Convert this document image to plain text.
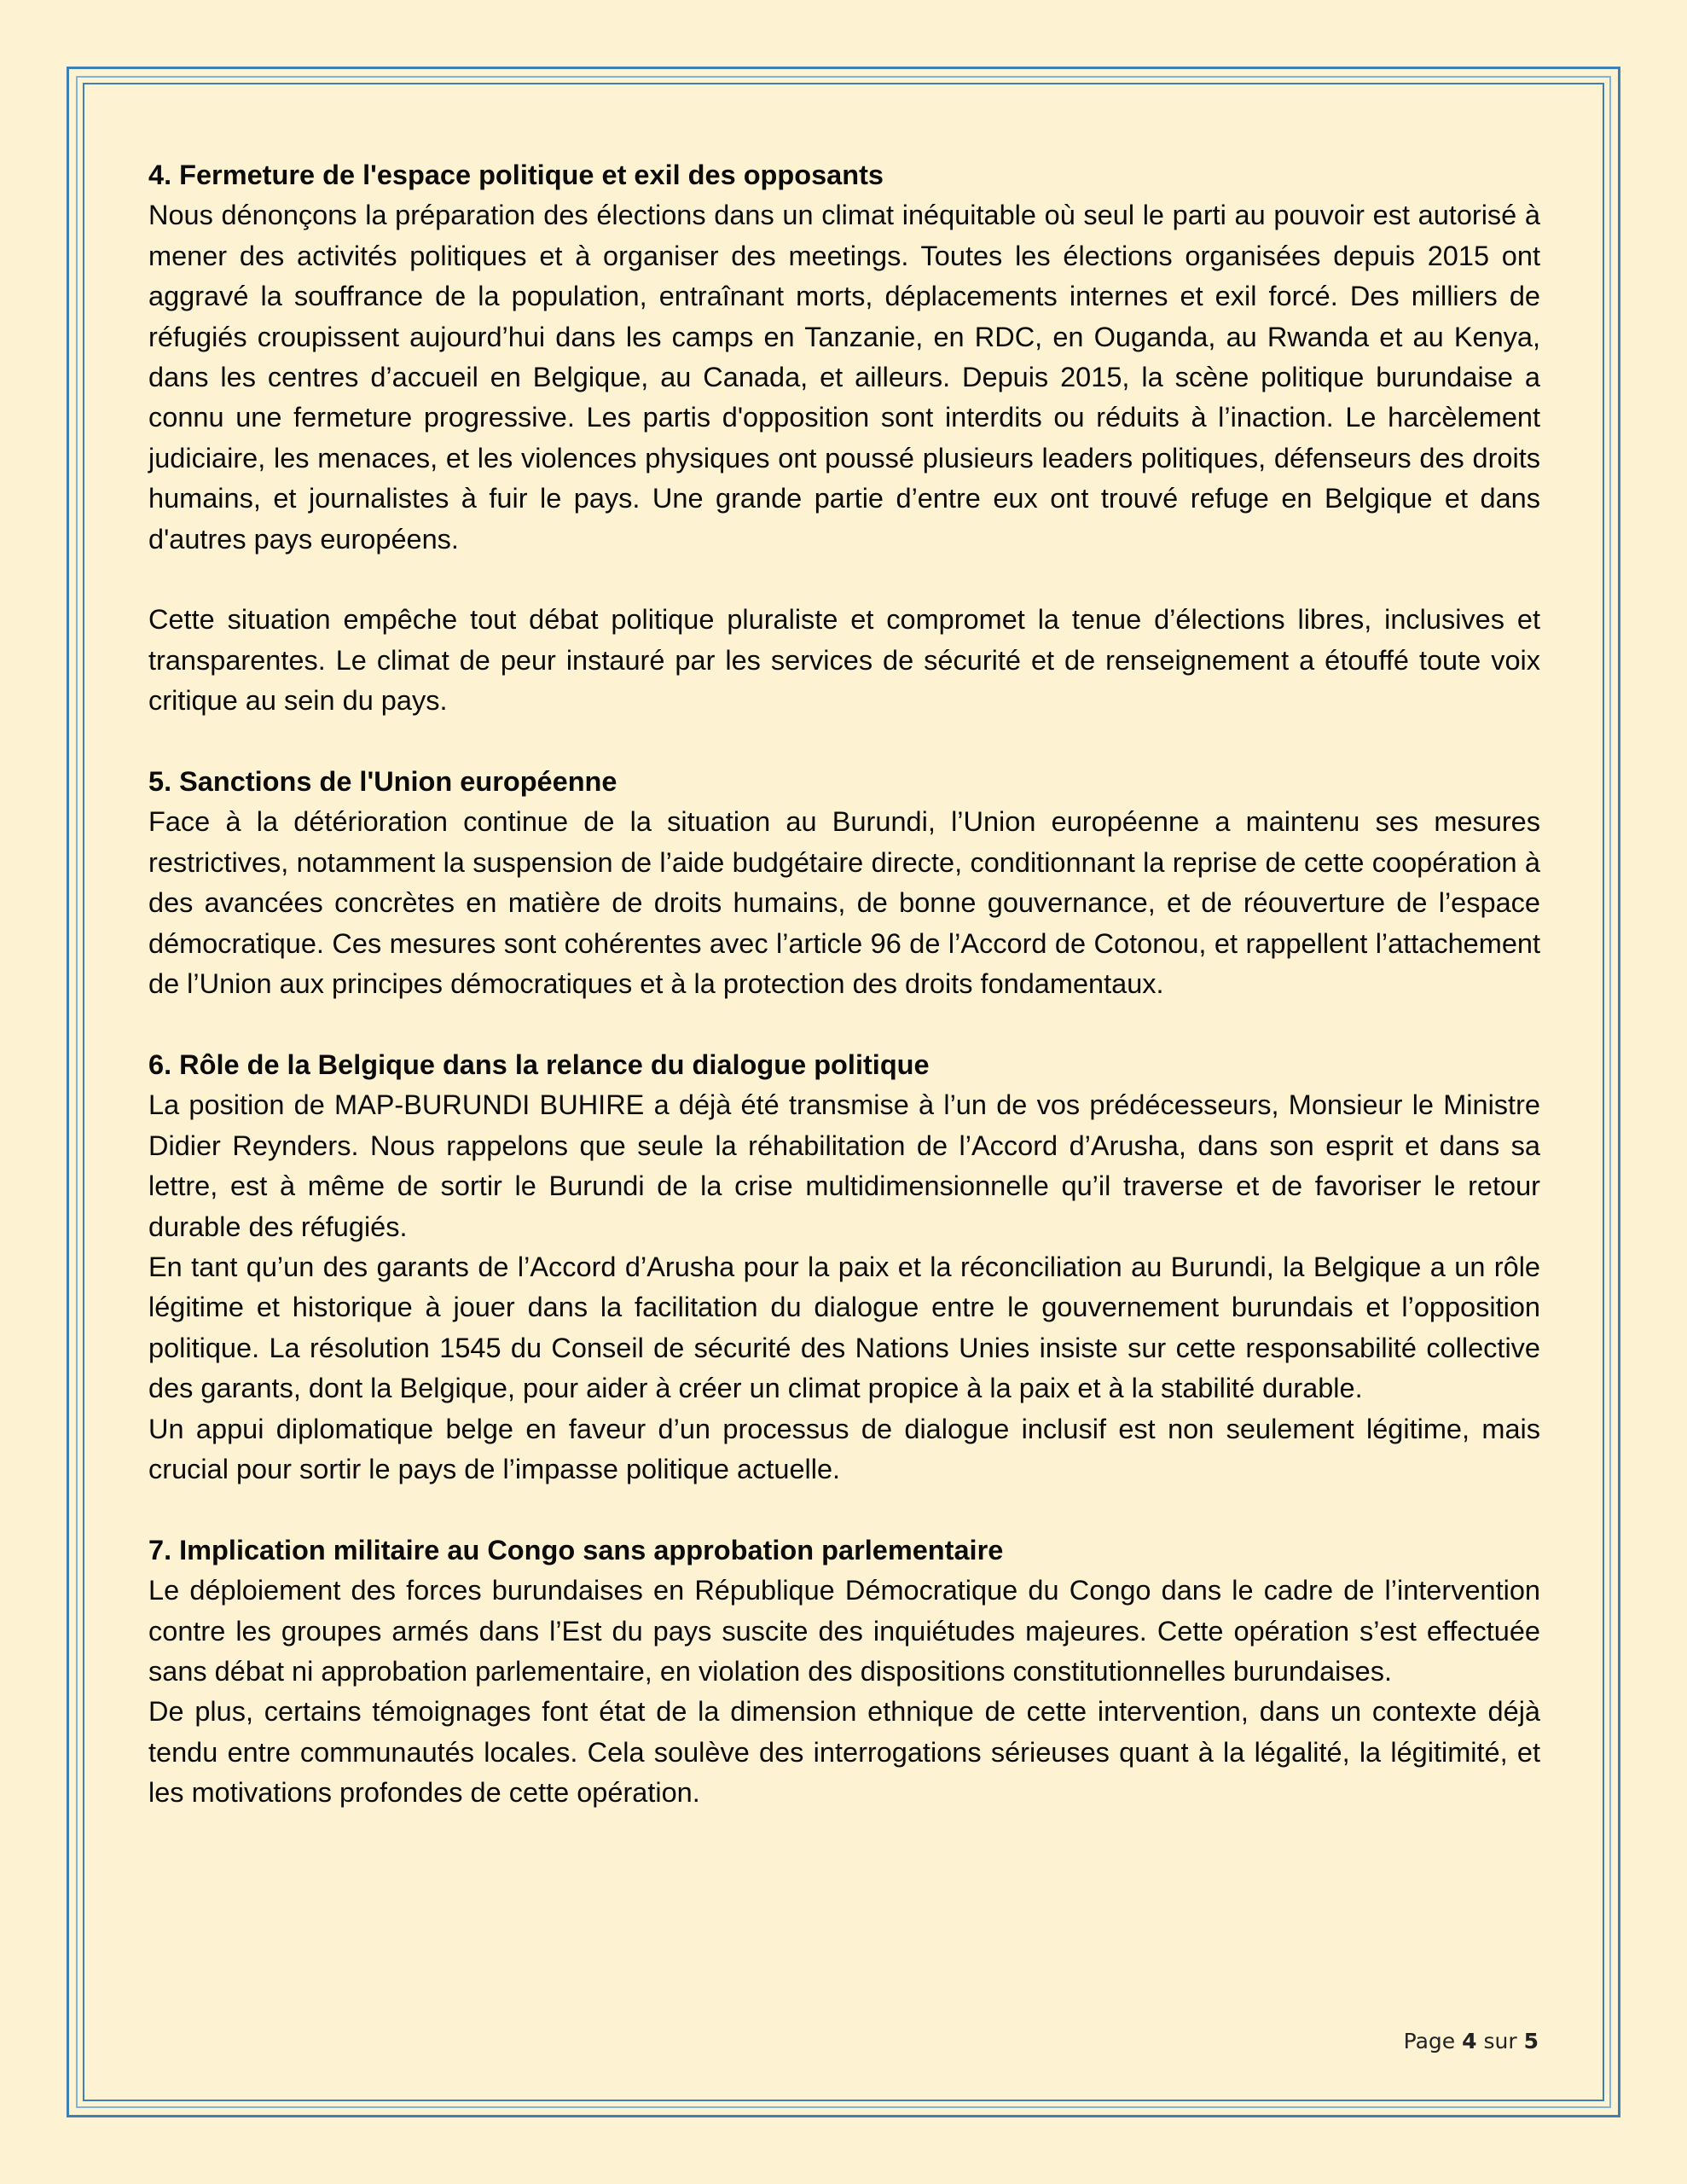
4. Fermeture de l'espace politique et exil des opposants

Nous dénonçons la préparation des élections dans un climat inéquitable où seul le parti au pouvoir est autorisé à mener des activités politiques et à organiser des meetings. Toutes les élections organisées depuis 2015 ont aggravé la souffrance de la population, entraînant morts, déplacements internes et exil forcé. Des milliers de réfugiés croupissent aujourd’hui dans les camps en Tanzanie, en RDC, en Ouganda, au Rwanda et au Kenya, dans les centres d’accueil en Belgique, au Canada, et ailleurs. Depuis 2015, la scène politique burundaise a connu une fermeture progressive. Les partis d'opposition sont interdits ou réduits à l’inaction. Le harcèlement judiciaire, les menaces, et les violences physiques ont poussé plusieurs leaders politiques, défenseurs des droits humains, et journalistes à fuir le pays. Une grande partie d’entre eux ont trouvé refuge en Belgique et dans d'autres pays européens.

Cette situation empêche tout débat politique pluraliste et compromet la tenue d’élections libres, inclusives et transparentes. Le climat de peur instauré par les services de sécurité et de renseignement a étouffé toute voix critique au sein du pays.

5. Sanctions de l'Union européenne

Face à la détérioration continue de la situation au Burundi, l’Union européenne a maintenu ses mesures restrictives, notamment la suspension de l’aide budgétaire directe, conditionnant la reprise de cette coopération à des avancées concrètes en matière de droits humains, de bonne gouvernance, et de réouverture de l’espace démocratique. Ces mesures sont cohérentes avec l’article 96 de l’Accord de Cotonou, et rappellent l’attachement de l’Union aux principes démocratiques et à la protection des droits fondamentaux.

6. Rôle de la Belgique dans la relance du dialogue politique

La position de MAP-BURUNDI BUHIRE a déjà été transmise à l’un de vos prédécesseurs, Monsieur le Ministre Didier Reynders. Nous rappelons que seule la réhabilitation de l’Accord d’Arusha, dans son esprit et dans sa lettre, est à même de sortir le Burundi de la crise multidimensionnelle qu’il traverse et de favoriser le retour durable des réfugiés.

En tant qu’un des garants de l’Accord d’Arusha pour la paix et la réconciliation au Burundi, la Belgique a un rôle légitime et historique à jouer dans la facilitation du dialogue entre le gouvernement burundais et l’opposition politique. La résolution 1545 du Conseil de sécurité des Nations Unies insiste sur cette responsabilité collective des garants, dont la Belgique, pour aider à créer un climat propice à la paix et à la stabilité durable.

Un appui diplomatique belge en faveur d’un processus de dialogue inclusif est non seulement légitime, mais crucial pour sortir le pays de l’impasse politique actuelle.

7. Implication militaire au Congo sans approbation parlementaire

Le déploiement des forces burundaises en République Démocratique du Congo dans le cadre de l’intervention contre les groupes armés dans l’Est du pays suscite des inquiétudes majeures. Cette opération s’est effectuée sans débat ni approbation parlementaire, en violation des dispositions constitutionnelles burundaises.

De plus, certains témoignages font état de la dimension ethnique de cette intervention, dans un contexte déjà tendu entre communautés locales. Cela soulève des interrogations sérieuses quant à la légalité, la légitimité, et les motivations profondes de cette opération.

Page 4 sur 5
